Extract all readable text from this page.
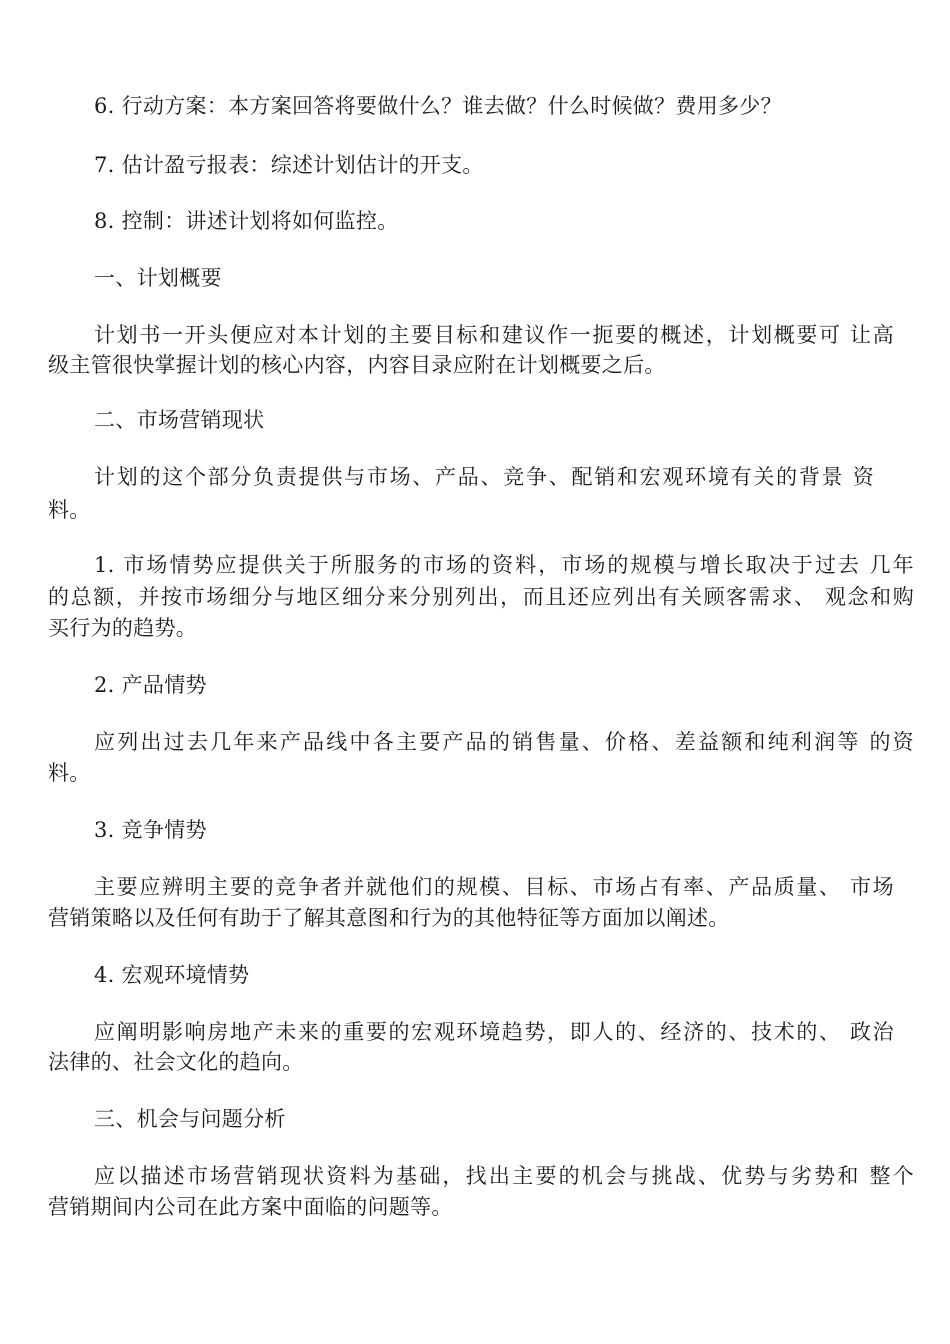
6. 行动方案：本方案回答将要做什么？谁去做？什么时候做？费用多少？

7. 估计盈亏报表：综述计划估计的开支。

8. 控制：讲述计划将如何监控。

一、计划概要

计划书一开头便应对本计划的主要目标和建议作一扼要的概述，计划概要可 让高

级主管很快掌握计划的核心内容，内容目录应附在计划概要之后。

二、市场营销现状

计划的这个部分负责提供与市场、产品、竞争、配销和宏观环境有关的背景 资

料。

1. 市场情势应提供关于所服务的市场的资料，市场的规模与增长取决于过去 几年

的总额，并按市场细分与地区细分来分别列出，而且还应列出有关顾客需求、 观念和购

买行为的趋势。

2. 产品情势

应列出过去几年来产品线中各主要产品的销售量、价格、差益额和纯利润等 的资

料。

3. 竞争情势

主要应辨明主要的竞争者并就他们的规模、目标、市场占有率、产品质量、 市场

营销策略以及任何有助于了解其意图和行为的其他特征等方面加以阐述。

4. 宏观环境情势

应阐明影响房地产未来的重要的宏观环境趋势，即人的、经济的、技术的、 政治

法律的、社会文化的趋向。

三、机会与问题分析

应以描述市场营销现状资料为基础，找出主要的机会与挑战、优势与劣势和 整个

营销期间内公司在此方案中面临的问题等。
